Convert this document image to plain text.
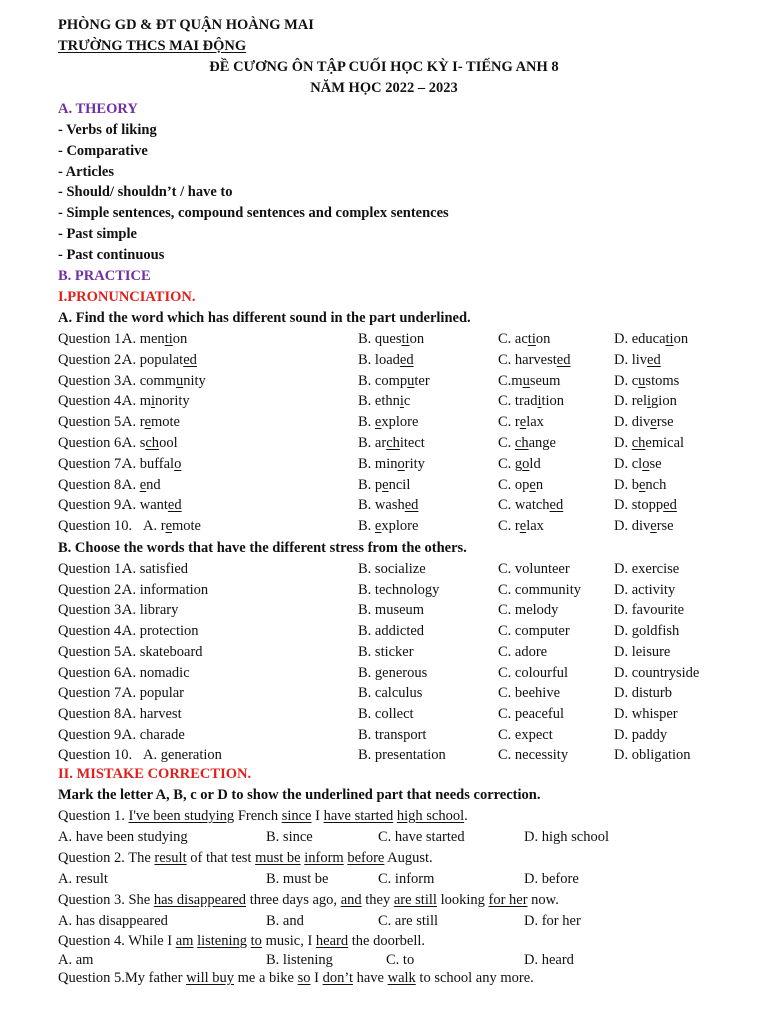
PHÒNG GD & ĐT QUẬN HOÀNG MAI
TRƯỜNG THCS MAI ĐỘNG
ĐỀ CƯƠNG ÔN TẬP CUỐI HỌC KỲ I- TIẾNG ANH 8
NĂM HỌC 2022 – 2023
A. THEORY
- Verbs of liking
- Comparative
- Articles
- Should/ shouldn’t / have to
- Simple sentences, compound sentences and complex sentences
- Past simple
- Past continuous
B. PRACTICE
I.PRONUNCIATION.
A. Find the word which has different sound in the part underlined.
Question 1.
A. mention	B. question	C. action	D. education
Question 2.
A. populated	B. loaded	C. harvested	D. lived
Question 3.
A. community	B. computer	C.museum	D. customs
Question 4.
A. minority	B. ethnic	C. tradition	D. religion
Question 5.
A. remote	B. explore	C. relax	D. diverse
Question 6.
A. school	B. architect	C. change	D. chemical
Question 7.
A. buffalo	B. minority	C. gold	D. close
Question 8.
A. end	B. pencil	C. open	D. bench
Question 9.
A. wanted	B. washed	C. watched	D. stopped
Question 10. A. remote	B. explore	C. relax	D. diverse
B. Choose the words that have the different stress from the others.
Question 1.
A. satisfied	B. socialize	C. volunteer	D. exercise
Question 2.
A. information	B. technology	C. community D. activity
Question 3.
A. library	B. museum	C. melody	D. favourite
Question 4.
A. protection	B. addicted	C. computer	D. goldfish
Question 5.
A. skateboard	B. sticker	C. adore	D. leisure
Question 6.
A. nomadic	B. generous	C. colourful	D. countryside
Question 7.
A. popular	B. calculus	C. beehive	D. disturb
Question 8.
A. harvest	B. collect	C. peaceful	D. whisper
Question 9.
A. charade	B. transport	C. expect	D. paddy
Question 10. A. generation	B. presentation	C. necessity	D. obligation
II. MISTAKE CORRECTION.
Mark the letter A, B, c or D to show the underlined part that needs correction.
Question 1. I've been studying French since I have started high school.
A. have been studying	B. since	C. have started	D. high school
Question 2. The result of that test must be inform before August.
A. result	B. must be	C. inform	D. before
Question 3. She has disappeared three days ago, and they are still looking for her now.
A. has disappeared	B. and	C. are still	D. for her
Question 4. While I am listening to music, I heard the doorbell.
A. am	B. listening	C. to	D. heard
Question 5.My father will buy me a bike so I don’t have walk to school any more.
